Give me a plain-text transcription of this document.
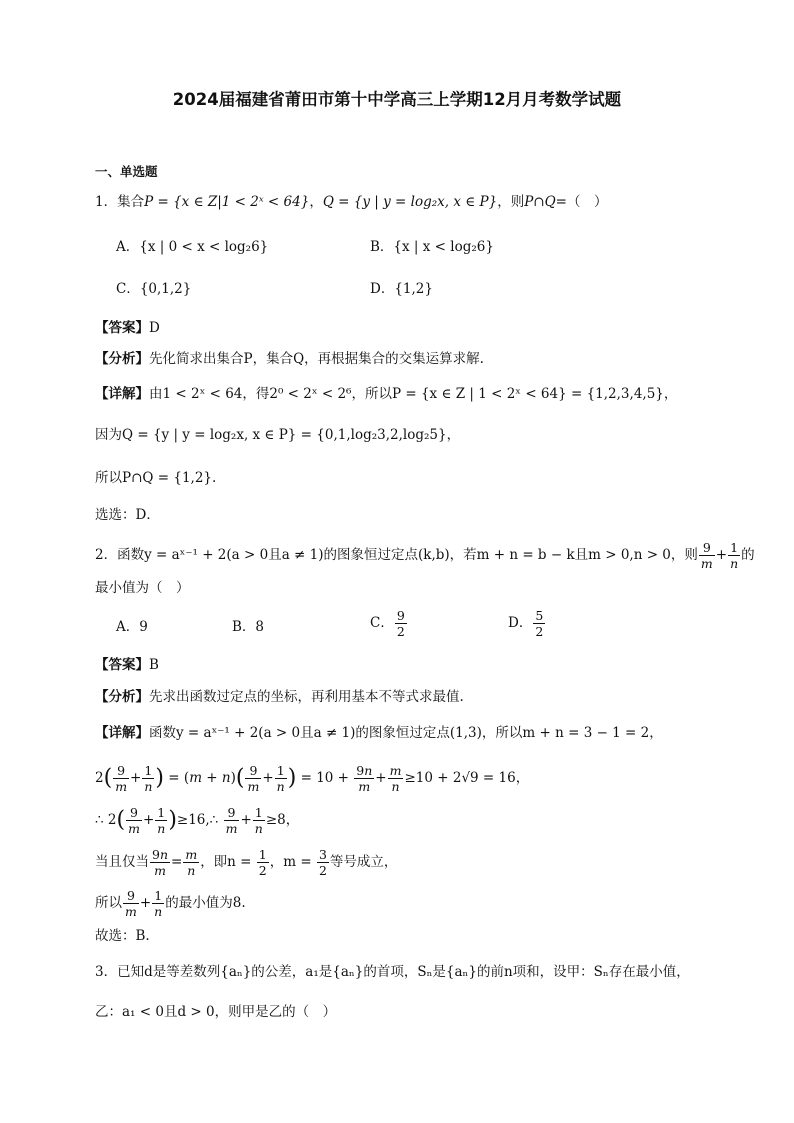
2024届福建省莆田市第十中学高三上学期12月月考数学试题
一、单选题
1．集合P = {x ∈ Z|1 < 2ˣ < 64}，Q = {y | y = log₂x, x ∈ P}，则P∩Q=（　）
A．{x | 0 < x < log₂6}	B．{x | x < log₂6}
C．{0,1,2}	D．{1,2}
【答案】D
【分析】先化简求出集合P，集合Q，再根据集合的交集运算求解.
【详解】由1 < 2ˣ < 64，得2⁰ < 2ˣ < 2⁶，所以P = {x ∈ Z | 1 < 2ˣ < 64} = {1,2,3,4,5}，
因为Q = {y | y = log₂x, x ∈ P} = {0,1,log₂3,2,log₂5}，
所以P∩Q = {1,2}.
选选：D．
2．函数y = aˣ⁻¹ + 2(a > 0且a ≠ 1)的图象恒过定点(k,b)，若m + n = b − k且m > 0,n > 0，则 $\frac{9}{m} + \frac{1}{n}$ 的
最小值为（　）
A．9	B．8	C． $\frac{9}{2}$	D． $\frac{5}{2}$
【答案】B
【分析】先求出函数过定点的坐标，再利用基本不等式求最值.
【详解】函数y = aˣ⁻¹ + 2(a > 0且a ≠ 1)的图象恒过定点(1,3)，所以m + n = 3 − 1 = 2，
$2( \frac{9}{m} + \frac{1}{n}$ ) = $(m + n)( \frac{9}{m} + \frac{1}{n}$ ) = $10 + \frac{9n}{m} + \frac{m}{n} \ge 10 + 2√9 = 16$，
∴ $2( \frac{9}{m} + \frac{1}{n}$ )≥16,∴ $\frac{9}{m} + \frac{1}{n} \ge 8$，
当且仅当 $\frac{9n}{m} = \frac{m}{n}$ ，即$n = \frac{1}{2}$ ，$m = \frac{3}{2}$ 等号成立，
所以 $\frac{9}{m} + \frac{1}{n}$ 的最小值为8.
故选：B.
3．已知d是等差数列{aₙ}的公差，a₁是{aₙ}的首项，Sₙ是{aₙ}的前n项和，设甲：Sₙ存在最小值，
乙：a₁ < 0且d > 0，则甲是乙的（　）
